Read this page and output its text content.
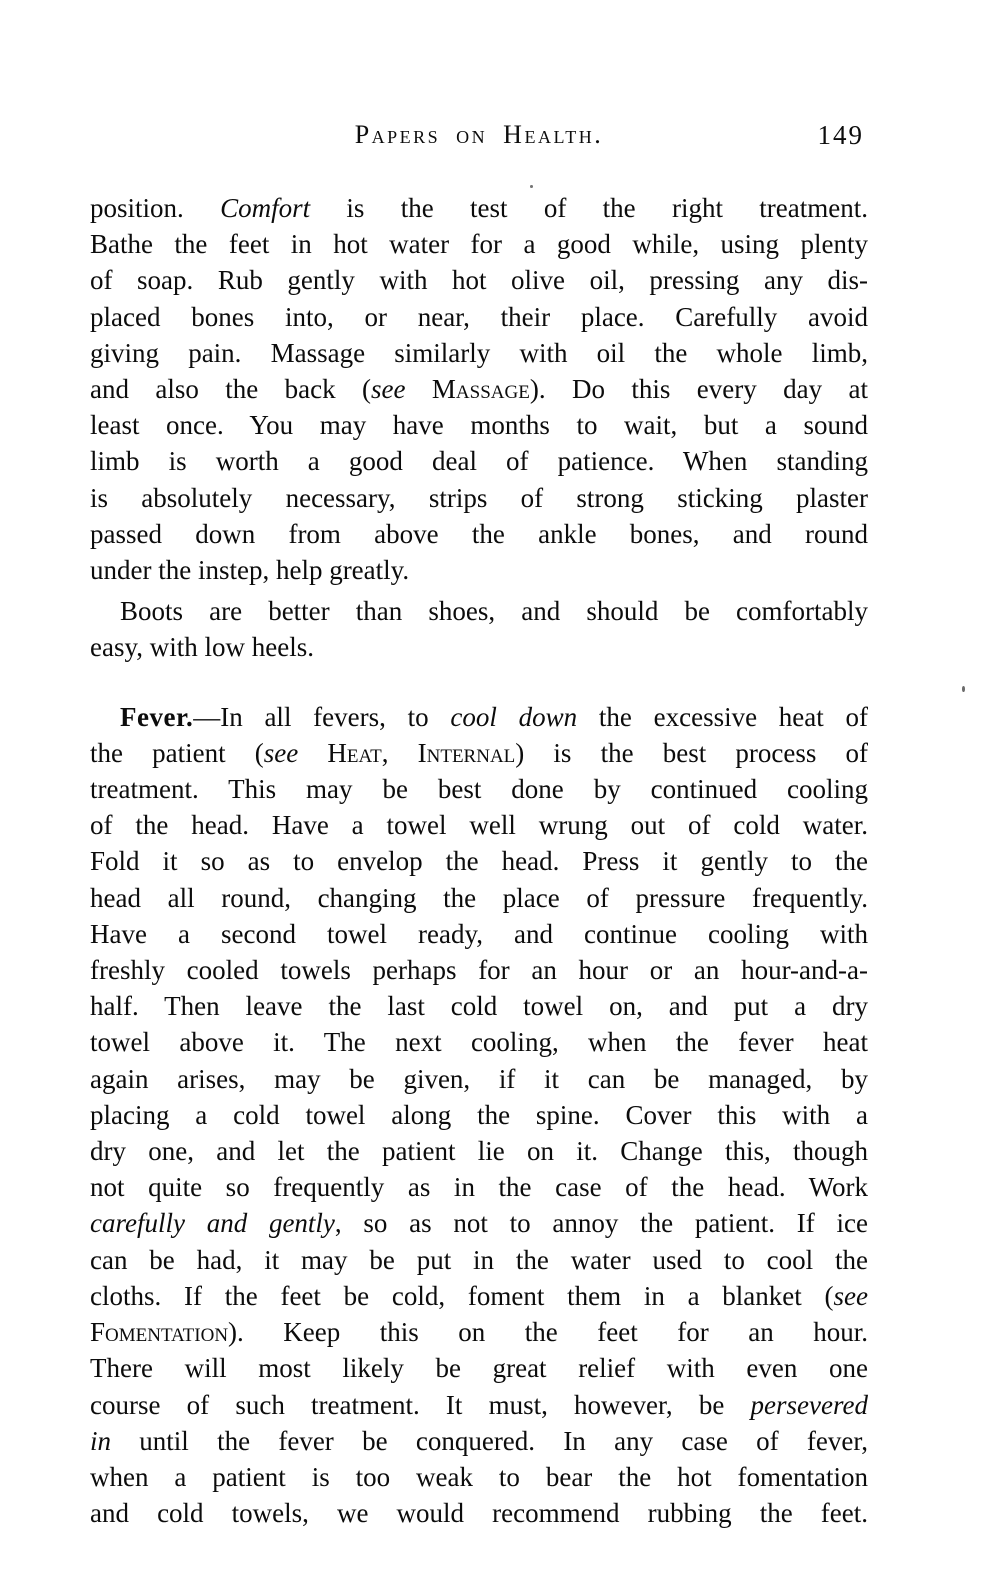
Papers on Health.	149
position. Comfort is the test of the right treatment.
Bathe the feet in hot water for a good while, using plenty
of soap. Rub gently with hot olive oil, pressing any dis-
placed bones into, or near, their place. Carefully avoid
giving pain. Massage similarly with oil the whole limb,
and also the back (see Massage). Do this every day at
least once. You may have months to wait, but a sound
limb is worth a good deal of patience. When standing
is absolutely necessary, strips of strong sticking plaster
passed down from above the ankle bones, and round
under the instep, help greatly.
Boots are better than shoes, and should be comfortably
easy, with low heels.
Fever.—In all fevers, to cool down the excessive heat of
the patient (see Heat, Internal) is the best process of
treatment. This may be best done by continued cooling
of the head. Have a towel well wrung out of cold water.
Fold it so as to envelop the head. Press it gently to the
head all round, changing the place of pressure frequently.
Have a second towel ready, and continue cooling with
freshly cooled towels perhaps for an hour or an hour-and-a-
half. Then leave the last cold towel on, and put a dry
towel above it. The next cooling, when the fever heat
again arises, may be given, if it can be managed, by
placing a cold towel along the spine. Cover this with a
dry one, and let the patient lie on it. Change this, though
not quite so frequently as in the case of the head. Work
carefully and gently, so as not to annoy the patient. If ice
can be had, it may be put in the water used to cool the
cloths. If the feet be cold, foment them in a blanket (see
Fomentation). Keep this on the feet for an hour.
There will most likely be great relief with even one
course of such treatment. It must, however, be persevered
in until the fever be conquered. In any case of fever,
when a patient is too weak to bear the hot fomentation
and cold towels, we would recommend rubbing the feet.
